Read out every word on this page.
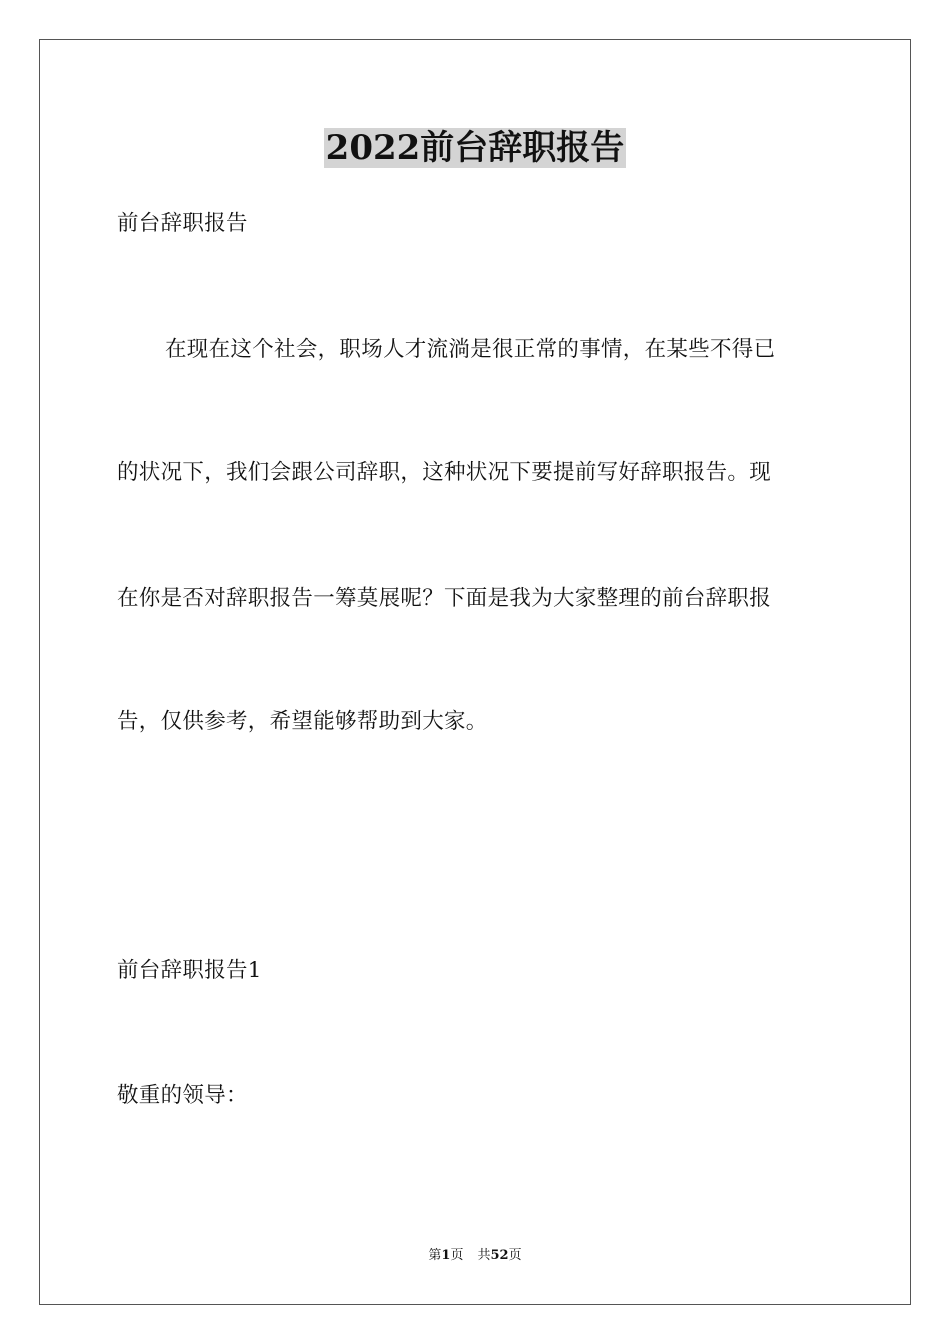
2022前台辞职报告

前台辞职报告

在现在这个社会，职场人才流淌是很正常的事情，在某些不得已

的状况下，我们会跟公司辞职，这种状况下要提前写好辞职报告。现

在你是否对辞职报告一筹莫展呢？下面是我为大家整理的前台辞职报

告，仅供参考，希望能够帮助到大家。

前台辞职报告1

敬重的领导：

第1页 共52页
